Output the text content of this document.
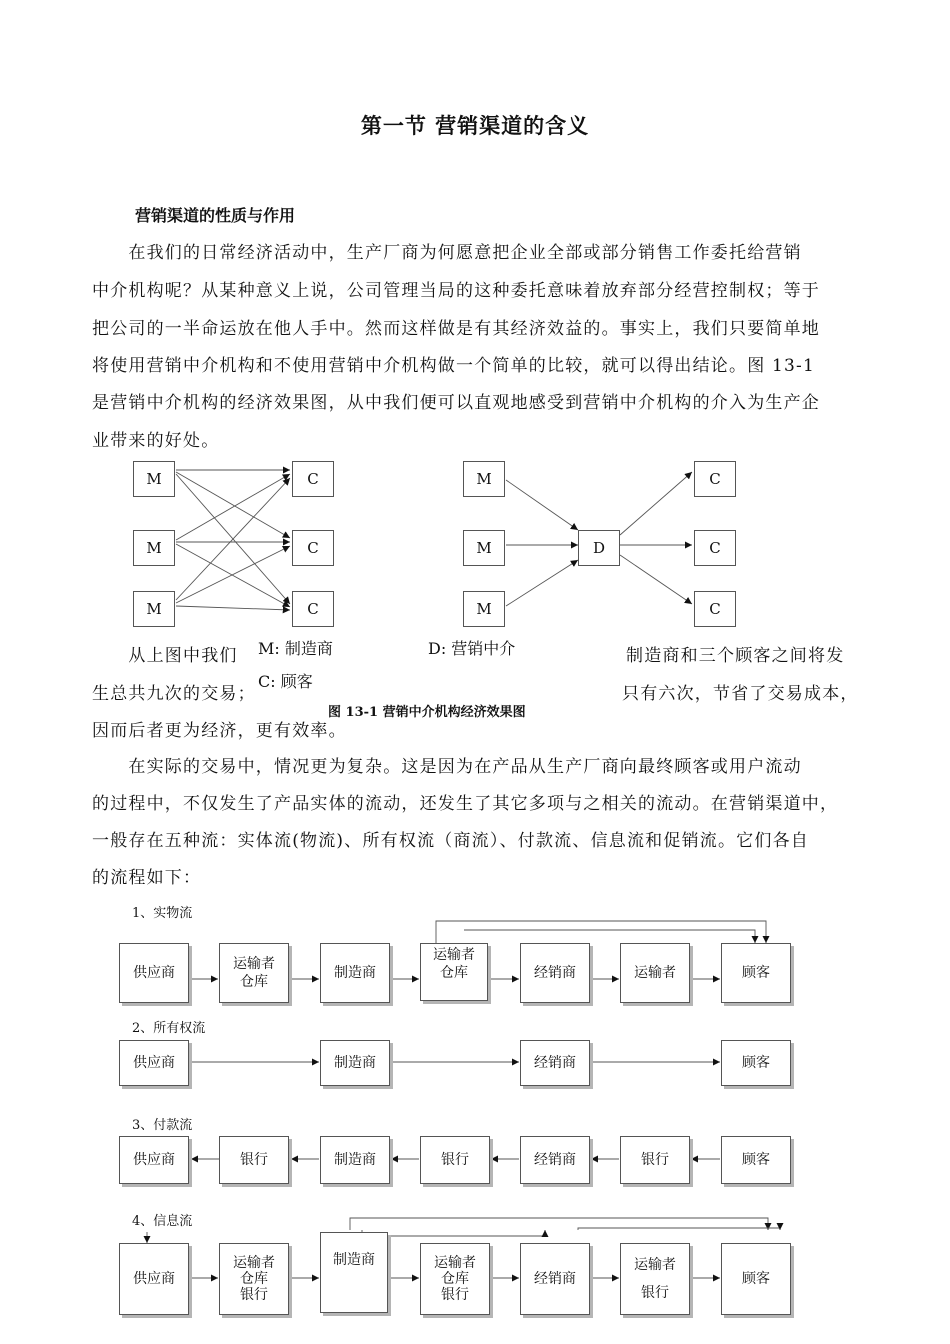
第一节 营销渠道的含义
营销渠道的性质与作用
　　在我们的日常经济活动中，生产厂商为何愿意把企业全部或部分销售工作委托给营销
中介机构呢？从某种意义上说，公司管理当局的这种委托意味着放弃部分经营控制权；等于
把公司的一半命运放在他人手中。然而这样做是有其经济效益的。事实上，我们只要简单地
将使用营销中介机构和不使用营销中介机构做一个简单的比较，就可以得出结论。图 13-1
是营销中介机构的经济效果图，从中我们便可以直观地感受到营销中介机构的介入为生产企
业带来的好处。
　　从上图中我们	制造商和三个顾客之间将发
生总共九次的交易；	只有六次，节省了交易成本，
因而后者更为经济，更有效率。
　　在实际的交易中，情况更为复杂。这是因为在产品从生产厂商向最终顾客或用户流动
的过程中，不仅发生了产品实体的流动，还发生了其它多项与之相关的流动。在营销渠道中，
一般存在五种流：实体流(物流)、所有权流（商流）、付款流、信息流和促销流。它们各自
的流程如下：
M
M
M
C
C
C
M
M
M
D
C
C
C
M: 制造商
C: 顾客
D: 营销中介
图 13-1 营销中介机构经济效果图
1、实物流
2、所有权流
3、付款流
4、信息流
供应商
运输者
仓库
制造商
运输者
仓库	经销商	运输者	顾客
供应商	制造商	经销商	顾客
供应商	银行	制造商	银行	经销商	银行	顾客
供应商
运输者
仓库
银行
制造商	运输者
仓库
银行
经销商
运输者

银行
顾客
